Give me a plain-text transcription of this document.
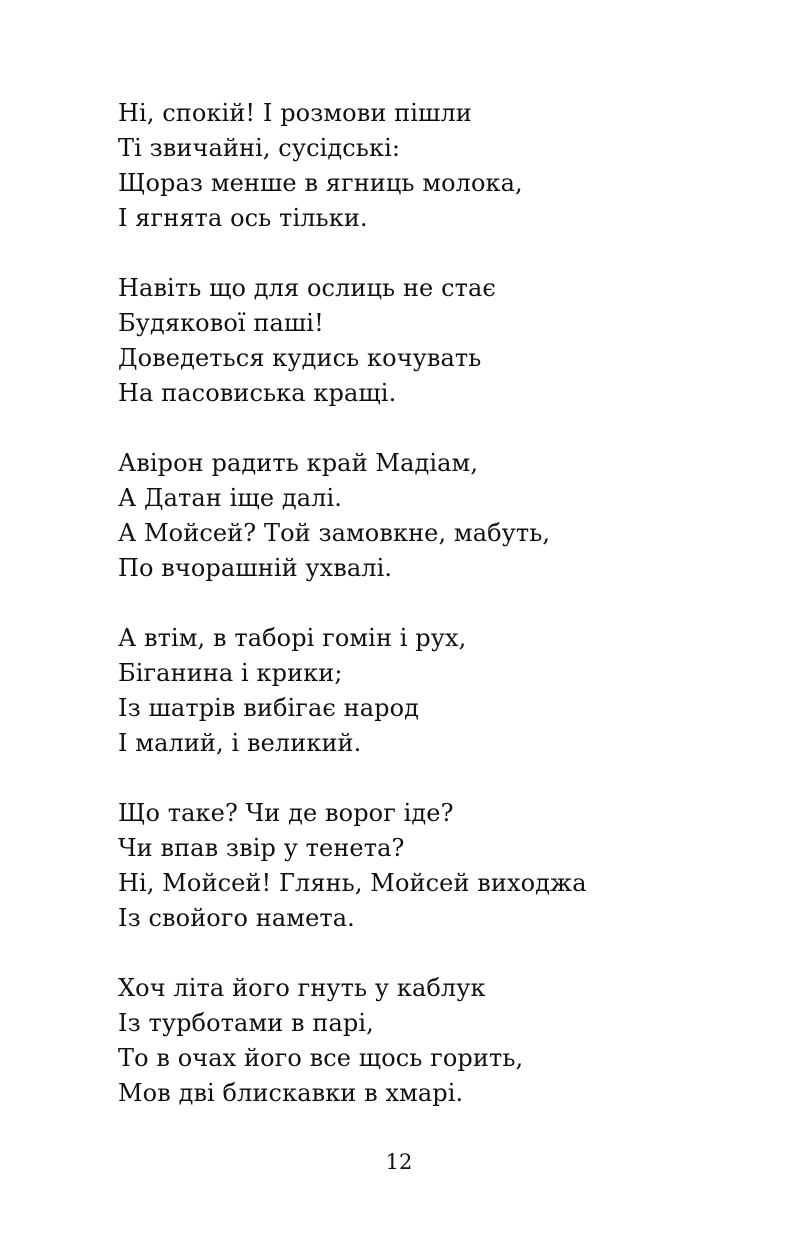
Ні, спокій! І розмови пішли
Ті звичайні, сусідські:
Щораз менше в ягниць молока,
І ягнята ось тільки.
Навіть що для ослиць не стає
Будякової паші!
Доведеться кудись кочувать
На пасовиська кращі.
Авірон радить край Мадіам,
А Датан іще далі.
А Мойсей? Той замовкне, мабуть,
По вчорашній ухвалі.
А втім, в таборі гомін і рух,
Біганина і крики;
Із шатрів вибігає народ
І малий, і великий.
Що таке? Чи де ворог іде?
Чи впав звір у тенета?
Ні, Мойсей! Глянь, Мойсей виходжа
Із свойого намета.
Хоч літа його гнуть у каблук
Із турботами в парі,
То в очах його все щось горить,
Мов дві блискавки в хмарі.
12
